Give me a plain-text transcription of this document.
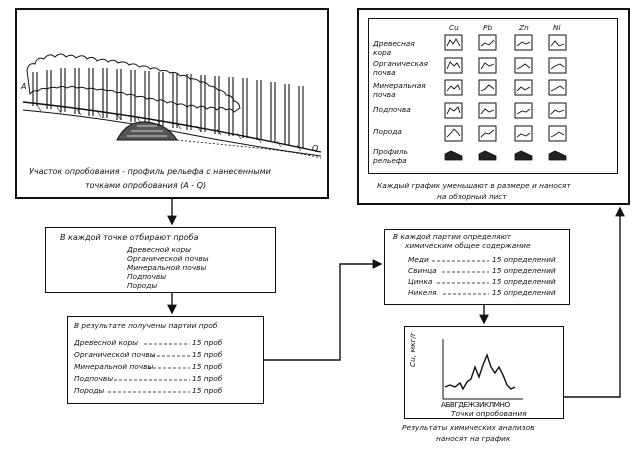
A
Q
Участок опробования - профиль рельефа с нанесенными
точками опробования (А - Q)
Cu	Pb	Zn	Ni
Древесная кора
Органическая почва
Минеральная почва
Подпочва
Порода
Профиль рельефа
Каждый график уменьшают в размере и наносят
на обзорный лист
В каждой точке отбирают проба
Древесной коры
Органической почвы
Минеральной почвы
Подпочвы
Породы
В результате получены партии проб
Древесной коры	15 проб
Органической почвы	15 проб
Минеральной почвы	15 проб
Подпочвы	15 проб
Породы	15 проб
В каждой партии определяют
химическим общее содержание
Меди	15 определений
Свинца	15 определений
Цинка	15 определений
Никеля	15 определений
Cu, мкг/г
АБВГДЕЖЗИКЛМНО
Точки опробования
Результаты химических анализов
наносят на график
